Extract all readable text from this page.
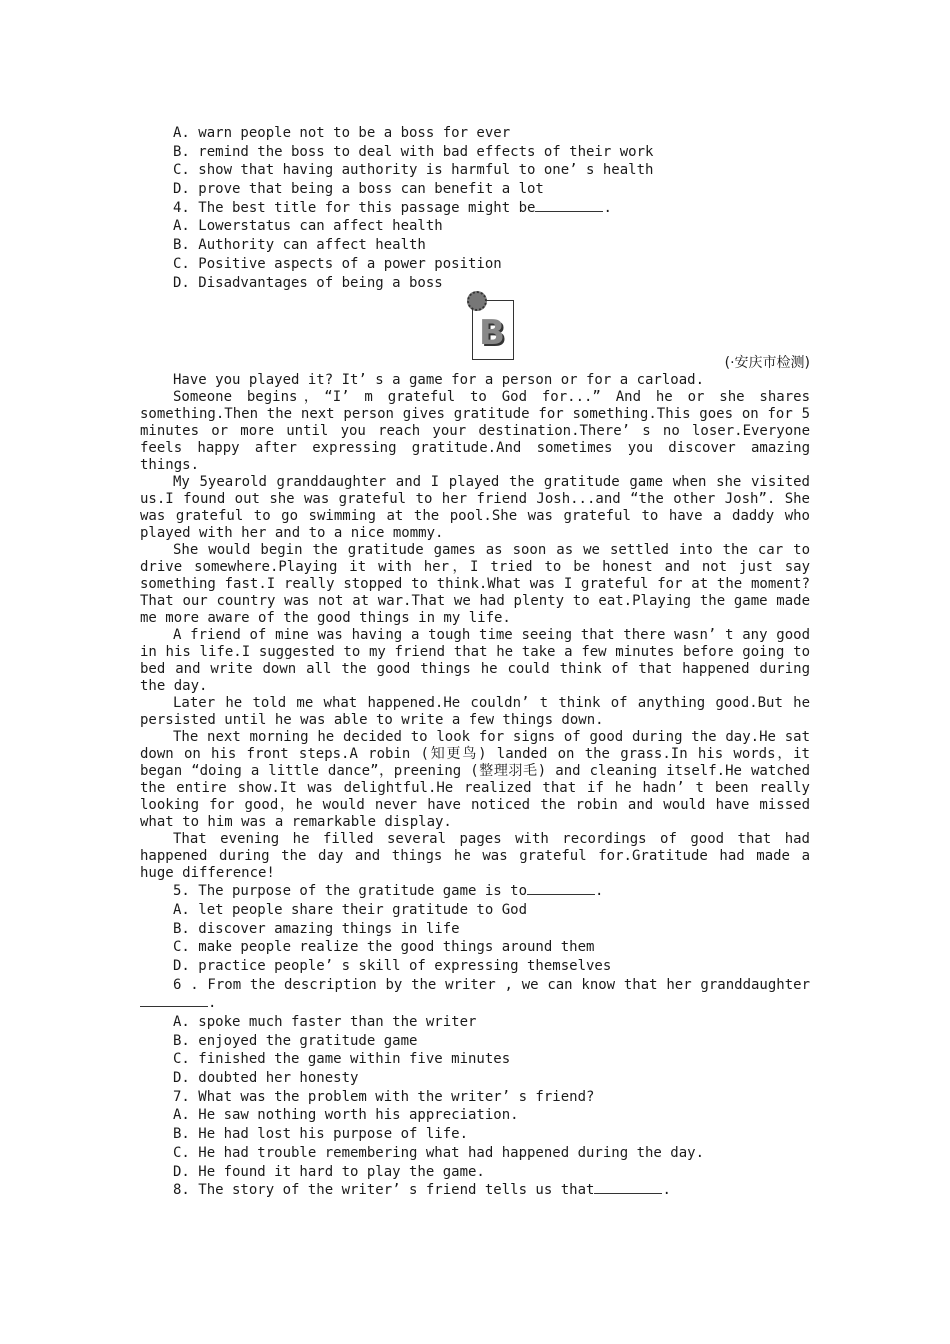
A. warn people not to be a boss for ever
B. remind the boss to deal with bad effects of their work
C. show that having authority is harmful to one’ s health
D. prove that being a boss can benefit a lot
4. The best title for this passage might be	.
A. Lowerstatus can affect health
B. Authority can affect health
C. Positive aspects of a power position
D. Disadvantages of being a boss
B
(·安庆市检测)
Have you played it? It’ s a game for a person or for a carload.
Someone begins，“I’ m grateful to God for...” And he or she shares something.Then the next person gives gratitude for something.This goes on for 5 minutes or more until you reach your destination.There’ s no loser.Everyone feels happy after expressing gratitude.And sometimes you discover amazing things.
My 5yearold granddaughter and I played the gratitude game when she visited us.I found out she was grateful to her friend Josh...and “the other Josh”. She was grateful to go swimming at the pool.She was grateful to have a daddy who played with her and to a nice mommy.
She would begin the gratitude games as soon as we settled into the car to drive somewhere.Playing it with her，I tried to be honest and not just say something fast.I really stopped to think.What was I grateful for at the moment? That our country was not at war.That we had plenty to eat.Playing the game made me more aware of the good things in my life.
A friend of mine was having a tough time seeing that there wasn’ t any good in his life.I suggested to my friend that he take a few minutes before going to bed and write down all the good things he could think of that happened during the day.
Later he told me what happened.He couldn’ t think of anything good.But he persisted until he was able to write a few things down.
The next morning he decided to look for signs of good during the day.He sat down on his front steps.A robin (知更鸟) landed on the grass.In his words，it began “doing a little dance”，preening (整理羽毛) and cleaning itself.He watched the entire show.It was delightful.He realized that if he hadn’ t been really looking for good，he would never have noticed the robin and would have missed what to him was a remarkable display.
That evening he filled several pages with recordings of good that had happened during the day and things he was grateful for.Gratitude had made a huge difference!
5. The purpose of the gratitude game is to	.
A. let people share their gratitude to God
B. discover amazing things in life
C. make people realize the good things around them
D. practice people’ s skill of expressing themselves
6 . From the description by the writer , we can know that her granddaughter.
A. spoke much faster than the writer
B. enjoyed the gratitude game
C. finished the game within five minutes
D. doubted her honesty
7. What was the problem with the writer’ s friend?
A. He saw nothing worth his appreciation.
B. He had lost his purpose of life.
C. He had trouble remembering what had happened during the day.
D. He found it hard to play the game.
8. The story of the writer’ s friend tells us that	.
